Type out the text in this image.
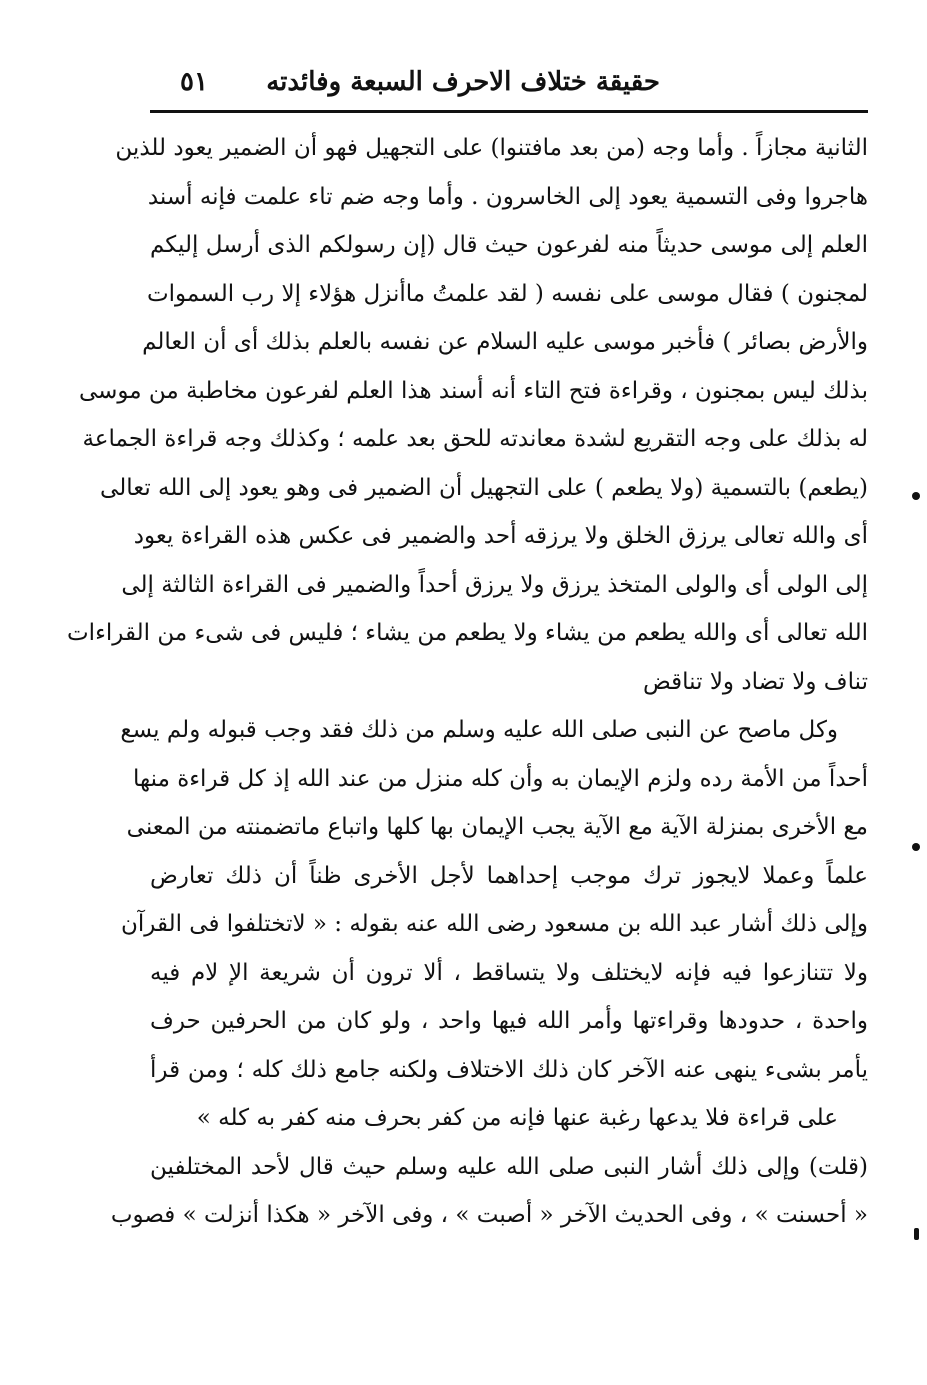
حقيقة ختلاف الاحرف السبعة وفائدته
٥١
الثانية مجازاً . وأما وجه (من بعد مافتنوا) على التجهيل فهو أن الضمير يعود للذين
هاجروا وفى التسمية يعود إلى الخاسرون . وأما وجه ضم تاء علمت فإنه أسند
العلم إلى موسى حديثاً منه لفرعون حيث قال (إن رسولكم الذى أرسل إليكم
لمجنون ) فقال موسى على نفسه ( لقد علمتُ ماأنزل هؤلاء إلا رب السموات
والأرض بصائر ) فأخبر موسى عليه السلام عن نفسه بالعلم بذلك أى أن العالم
بذلك ليس بمجنون ، وقراءة فتح التاء أنه أسند هذا العلم لفرعون مخاطبة من موسى
له بذلك على وجه التقريع لشدة معاندته للحق بعد علمه ؛ وكذلك وجه قراءة الجماعة
(يطعم) بالتسمية (ولا يطعم ) على التجهيل أن الضمير فى وهو يعود إلى الله تعالى
أى والله تعالى يرزق الخلق ولا يرزقه أحد والضمير فى عكس هذه القراءة يعود
إلى الولى أى والولى المتخذ يرزق ولا يرزق أحداً والضمير فى القراءة الثالثة إلى
الله تعالى أى والله يطعم من يشاء ولا يطعم من يشاء ؛ فليس فى شىء من القراءات
تناف ولا تضاد ولا تناقض
وكل ماصح عن النبى صلى الله عليه وسلم من ذلك فقد وجب قبوله ولم يسع
أحداً من الأمة رده ولزم الإيمان به وأن كله منزل من عند الله إذ كل قراءة منها
مع الأخرى بمنزلة الآية مع الآية يجب الإيمان بها كلها واتباع ماتضمنته من المعنى
علماً وعملا لايجوز ترك موجب إحداهما لأجل الأخرى ظناً أن ذلك تعارض
وإلى ذلك أشار عبد الله بن مسعود رضى الله عنه بقوله : « لاتختلفوا فى القرآن
ولا تتنازعوا فيه فإنه لايختلف ولا يتساقط ، ألا ترون أن شريعة الإ لام فيه
واحدة ، حدودها وقراءتها وأمر الله فيها واحد ، ولو كان من الحرفين حرف
يأمر بشىء ينهى عنه الآخر كان ذلك الاختلاف ولكنه جامع ذلك كله ؛ ومن قرأ
على قراءة فلا يدعها رغبة عنها فإنه من كفر بحرف منه كفر به كله »
(قلت) وإلى ذلك أشار النبى صلى الله عليه وسلم حيث قال لأحد المختلفين
« أحسنت » ، وفى الحديث الآخر « أصبت » ، وفى الآخر « هكذا أنزلت » فصوب
